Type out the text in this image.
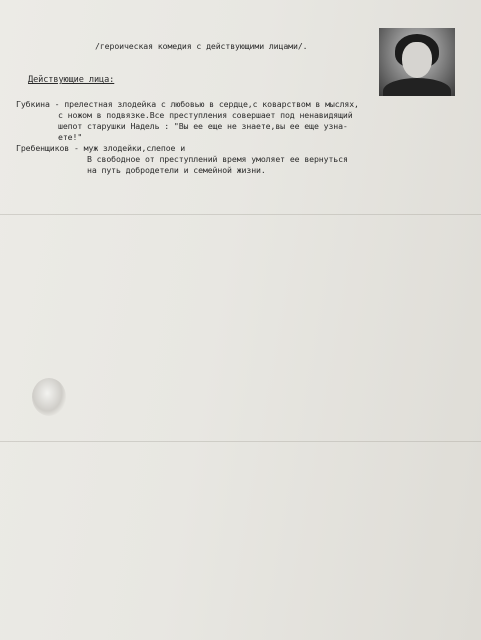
/героическая комедия с действующими лицами/.
Действующие лица:
Губкина - прелестная злодейка с любовью в сердце,с коварством в мыслях,
с ножом в подвязке.Все преступления совершает под ненавидящий
шепот старушки Надель : "Вы ее еще не знаете,вы ее еще узна-
ете!"
Гребенщиков - муж злодейки,слепое и
В свободное от преступлений время умоляет ее вернуться
на путь добродетели и семейной жизни.
